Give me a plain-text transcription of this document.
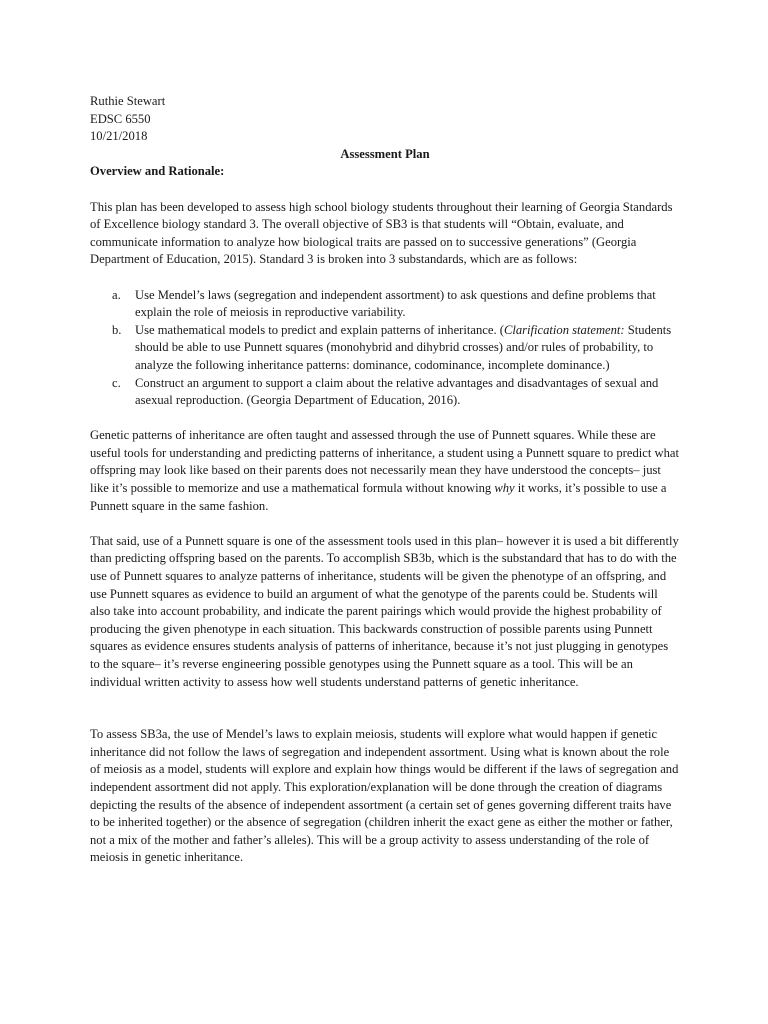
Ruthie Stewart

EDSC 6550

10/21/2018

Assessment Plan

Overview and Rationale:

This plan has been developed to assess high school biology students throughout their learning of Georgia Standards of Excellence biology standard 3. The overall objective of SB3 is that students will “Obtain, evaluate, and communicate information to analyze how biological traits are passed on to successive generations” (Georgia Department of Education, 2015). Standard 3 is broken into 3 substandards, which are as follows:

a. Use Mendel’s laws (segregation and independent assortment) to ask questions and define problems that explain the role of meiosis in reproductive variability.
b. Use mathematical models to predict and explain patterns of inheritance. (Clarification statement: Students should be able to use Punnett squares (monohybrid and dihybrid crosses) and/or rules of probability, to analyze the following inheritance patterns: dominance, codominance, incomplete dominance.)
c. Construct an argument to support a claim about the relative advantages and disadvantages of sexual and asexual reproduction. (Georgia Department of Education, 2016).

Genetic patterns of inheritance are often taught and assessed through the use of Punnett squares. While these are useful tools for understanding and predicting patterns of inheritance, a student using a Punnett square to predict what offspring may look like based on their parents does not necessarily mean they have understood the concepts– just like it’s possible to memorize and use a mathematical formula without knowing why it works, it’s possible to use a Punnett square in the same fashion.

That said, use of a Punnett square is one of the assessment tools used in this plan– however it is used a bit differently than predicting offspring based on the parents. To accomplish SB3b, which is the substandard that has to do with the use of Punnett squares to analyze patterns of inheritance, students will be given the phenotype of an offspring, and use Punnett squares as evidence to build an argument of what the genotype of the parents could be. Students will also take into account probability, and indicate the parent pairings which would provide the highest probability of producing the given phenotype in each situation. This backwards construction of possible parents using Punnett squares as evidence ensures students analysis of patterns of inheritance, because it’s not just plugging in genotypes to the square– it’s reverse engineering possible genotypes using the Punnett square as a tool. This will be an individual written activity to assess how well students understand patterns of genetic inheritance.

To assess SB3a, the use of Mendel’s laws to explain meiosis, students will explore what would happen if genetic inheritance did not follow the laws of segregation and independent assortment. Using what is known about the role of meiosis as a model, students will explore and explain how things would be different if the laws of segregation and independent assortment did not apply. This exploration/explanation will be done through the creation of diagrams depicting the results of the absence of independent assortment (a certain set of genes governing different traits have to be inherited together) or the absence of segregation (children inherit the exact gene as either the mother or father, not a mix of the mother and father’s alleles). This will be a group activity to assess understanding of the role of meiosis in genetic inheritance.
